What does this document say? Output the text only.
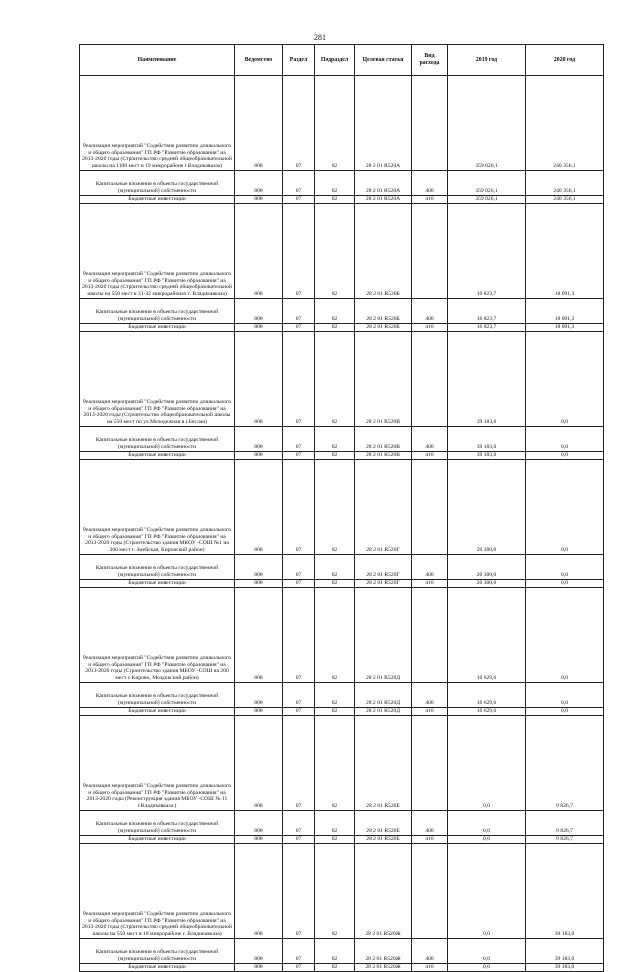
281
Наименование	Ведомство	Раздел	Подраздел	Целевая статья	Вид расхода	2019 год	2020 год
Реализация мероприятий "Содействие развитию дошкольного и общего образования" ГП РФ "Развитие образования" на 2013-2020 годы (Строительство средней общеобразовательной школы на 1100 мест в 19 микрорайоне г.Владикавказа)	808	07	02	28 2 01 R520А		359 026,1	240 356,1
Капитальные вложения в объекты государственной (муниципальной) собственности	808	07	02	28 2 01 R520А	400	359 026,1	240 356,1
Бюджетные инвестиции	808	07	02	28 2 01 R520А	410	359 026,1	240 356,1
Реализация мероприятий "Содействие развитию дошкольного и общего образования" ГП РФ "Развитие образования" на 2013-2020 годы (Строительство средней общеобразовательной школы на 550 мест в 31-32 микрорайонах г. Владикавказа)	808	07	02	28 2 01 R520Б		16 823,7	18 091,3
Капитальные вложения в объекты государственной (муниципальной) собственности	808	07	02	28 2 01 R520Б	400	16 823,7	18 091,3
Бюджетные инвестиции	808	07	02	28 2 01 R520Б	410	16 823,7	18 091,3
Реализация мероприятий "Содействие развитию дошкольного и общего образования" ГП РФ "Развитие образования" на 2013-2020 годы (Строительство общеобразовательной школы на 550 мест по ул.Молодежная в г.Беслан)	808	07	02	28 2 01 R520В		39 183,0	0,0
Капитальные вложения в объекты государственной (муниципальной) собственности	808	07	02	28 2 01 R520В	400	39 183,0	0,0
Бюджетные инвестиции	808	07	02	28 2 01 R520В	410	39 183,0	0,0
Реализация мероприятий "Содействие развитию дошкольного и общего образования" ГП РФ "Развитие образования" на 2013-2020 годы (Строительство здания МКОУ -СОШ №1 на 360 мест г. Змейская, Кировский район)	808	07	02	28 2 01 R520Г		20 300,0	0,0
Капитальные вложения в объекты государственной (муниципальной) собственности	808	07	02	28 2 01 R520Г	400	20 300,0	0,0
Бюджетные инвестиции	808	07	02	28 2 01 R520Г	410	20 300,0	0,0
Реализация мероприятий "Содействие развитию дошкольного и общего образования" ГП РФ "Развитие образования" на 2013-2020 годы (Строительство здания МБОУ -СОШ на 200 мест с.Кирово, Моздокский район)	808	07	02	28 2 01 R520Д		16 629,6	0,0
Капитальные вложения в объекты государственной (муниципальной) собственности	808	07	02	28 2 01 R520Д	400	16 629,6	0,0
Бюджетные инвестиции	808	07	02	28 2 01 R520Д	410	16 629,6	0,0
Реализация мероприятий "Содействие развитию дошкольного и общего образования" ГП РФ "Развитие образования" на 2013-2020 годы (Реконструкция здания МБОУ -СОШ № 11 г.Владикавказа )	808	07	02	28 2 01 R520Е		0,0	9 826,7
Капитальные вложения в объекты государственной (муниципальной) собственности	808	07	02	28 2 01 R520Е	400	0,0	9 826,7
Бюджетные инвестиции	808	07	02	28 2 01 R520Е	410	0,0	9 826,7
Реализация мероприятий "Содействие развитию дошкольного и общего образования" ГП РФ "Развитие образования" на 2013-2020 годы (Строительство средней общеобразовательной школы на 550 мест в 18 микрорайоне г. Владикавказа)	808	07	02	28 2 01 R520Ж		0,0	39 183,0
Капитальные вложения в объекты государственной (муниципальной) собственности	808	07	02	28 2 01 R520Ж	400	0,0	39 183,0
Бюджетные инвестиции	808	07	02	28 2 01 R520Ж	410	0,0	39 183,0
